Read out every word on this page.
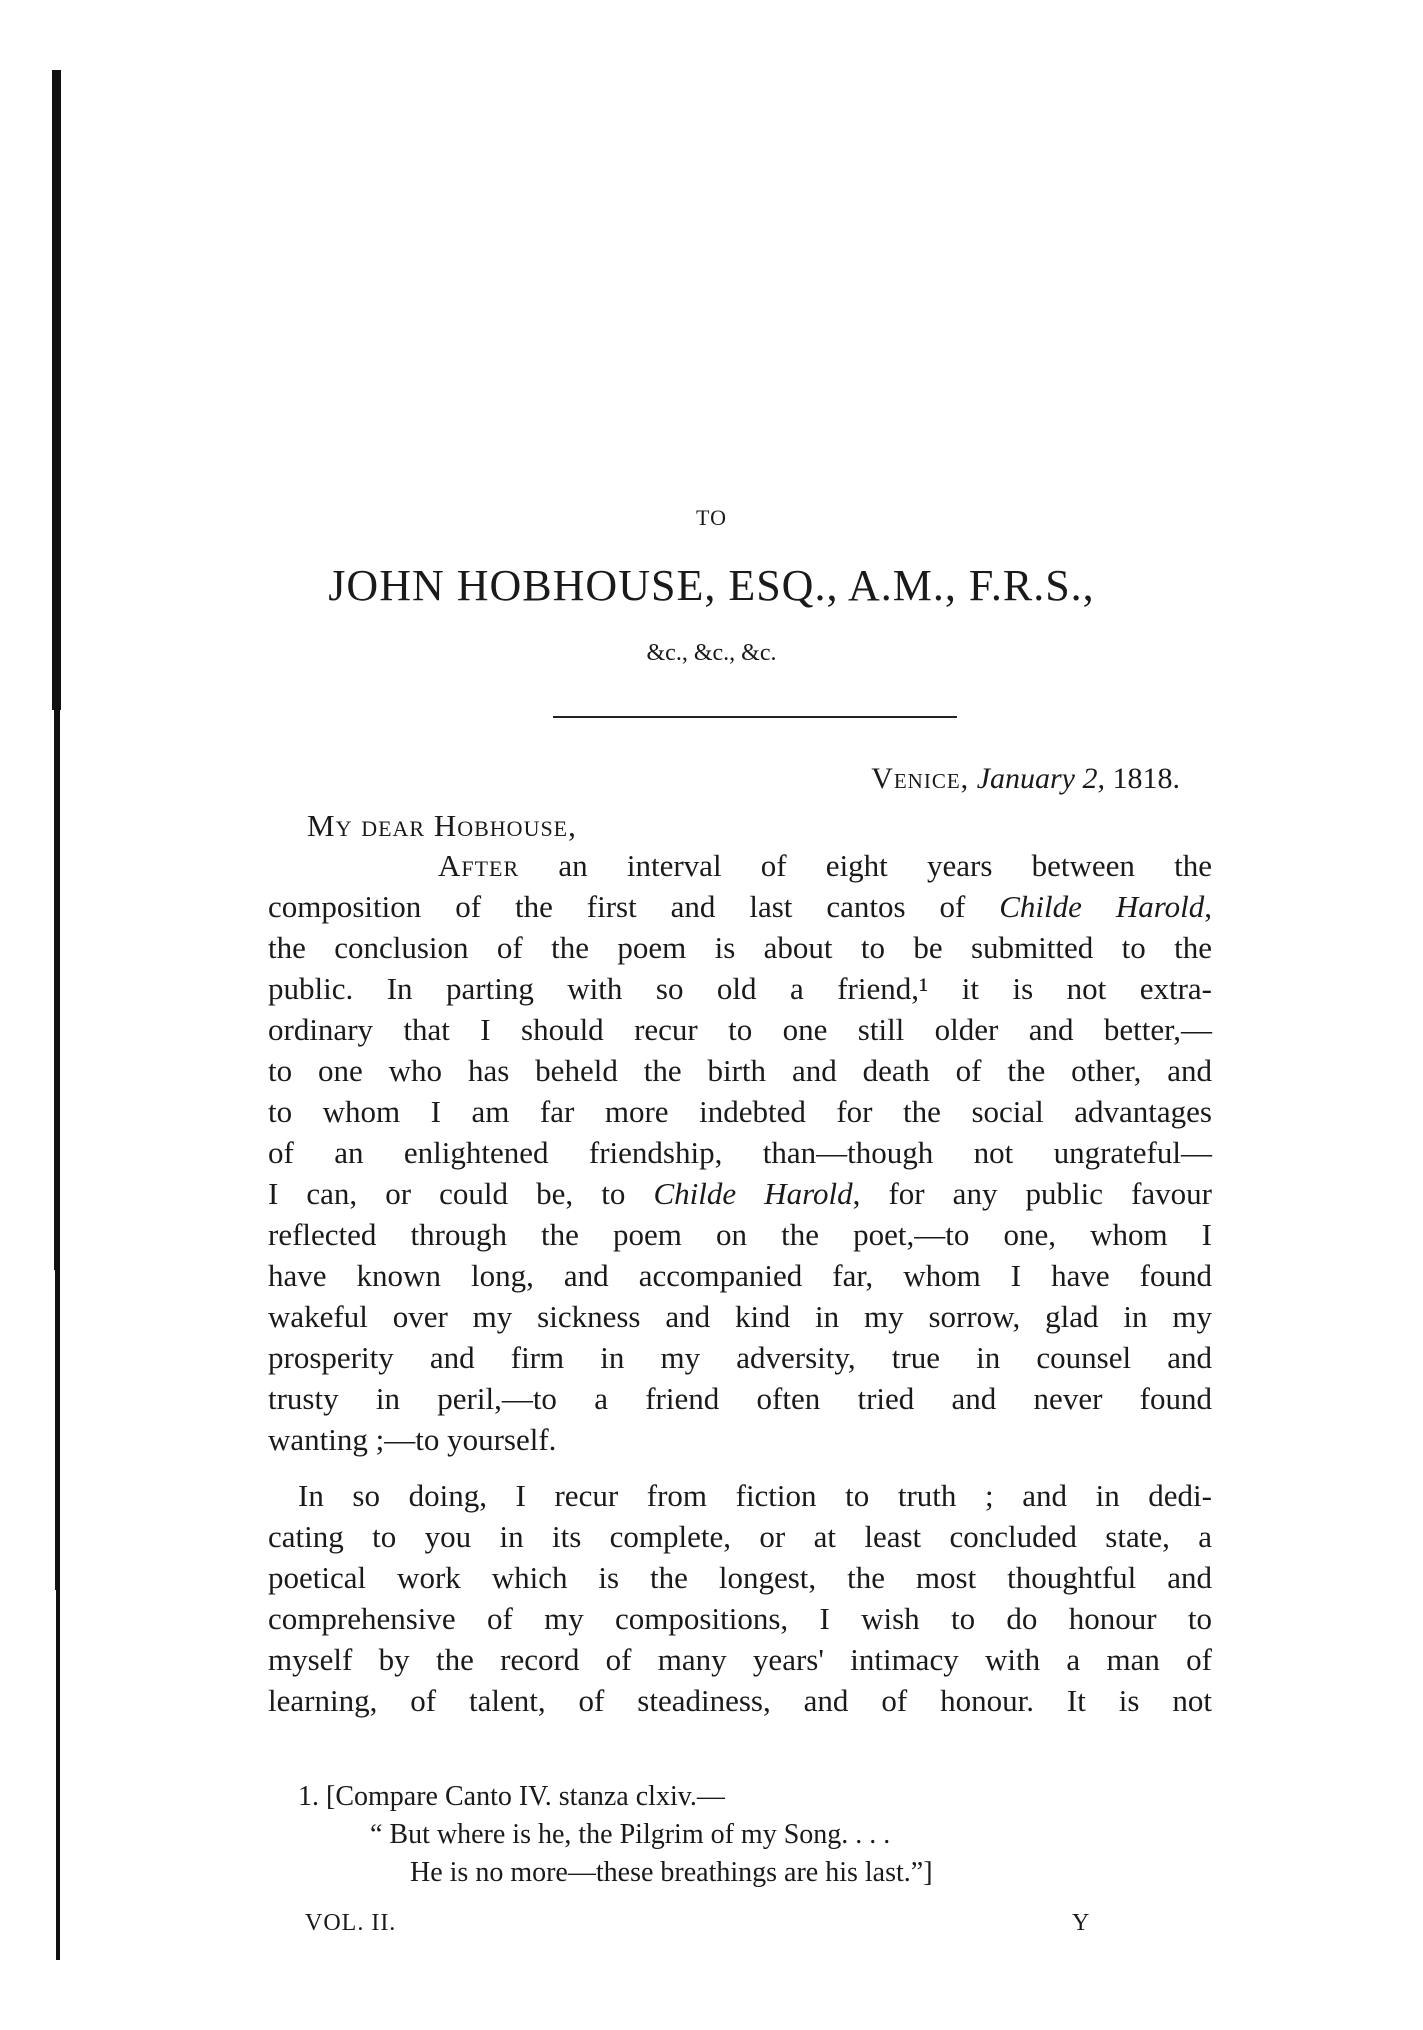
TO
JOHN HOBHOUSE, ESQ., A.M., F.R.S.,
&c., &c., &c.
Venice, January 2, 1818.
My dear Hobhouse,
After an interval of eight years between the
composition of the first and last cantos of Childe Harold,
the conclusion of the poem is about to be submitted to the
public. In parting with so old a friend,¹ it is not extra-
ordinary that I should recur to one still older and better,—
to one who has beheld the birth and death of the other, and
to whom I am far more indebted for the social advantages
of an enlightened friendship, than—though not ungrateful—
I can, or could be, to Childe Harold, for any public favour
reflected through the poem on the poet,—to one, whom I
have known long, and accompanied far, whom I have found
wakeful over my sickness and kind in my sorrow, glad in my
prosperity and firm in my adversity, true in counsel and
trusty in peril,—to a friend often tried and never found
wanting ;—to yourself.
In so doing, I recur from fiction to truth ; and in dedi-
cating to you in its complete, or at least concluded state, a
poetical work which is the longest, the most thoughtful and
comprehensive of my compositions, I wish to do honour to
myself by the record of many years' intimacy with a man of
learning, of talent, of steadiness, and of honour. It is not
1. [Compare Canto IV. stanza clxiv.—
“ But where is he, the Pilgrim of my Song. . . .
He is no more—these breathings are his last.”]
VOL. II.	Y
